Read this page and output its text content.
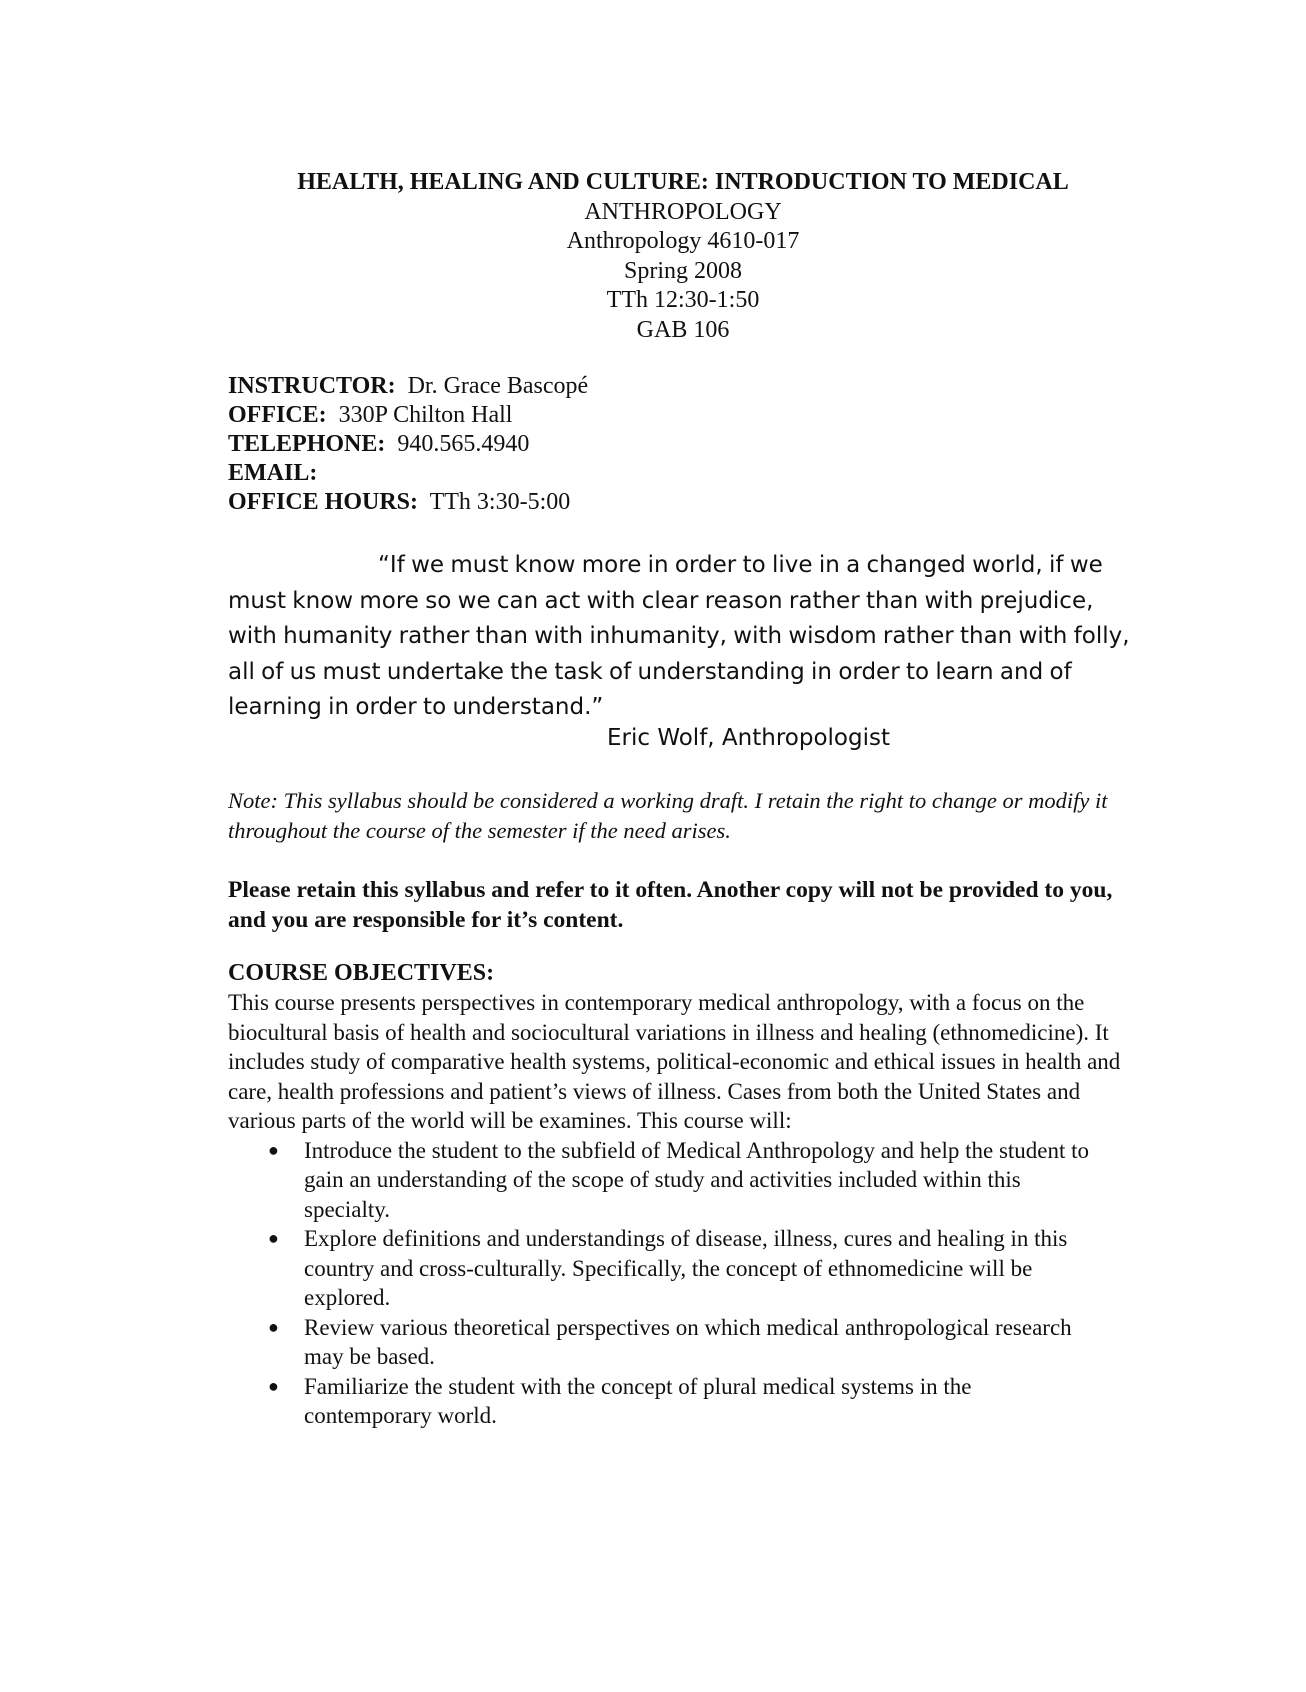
HEALTH, HEALING AND CULTURE: INTRODUCTION TO MEDICAL
ANTHROPOLOGY
Anthropology 4610-017
Spring 2008
TTh 12:30-1:50
GAB 106
INSTRUCTOR: Dr. Grace Bascopé
OFFICE: 330P Chilton Hall
TELEPHONE: 940.565.4940
EMAIL:
OFFICE HOURS: TTh 3:30-5:00
“If we must know more in order to live in a changed world, if we must know more so we can act with clear reason rather than with prejudice, with humanity rather than with inhumanity, with wisdom rather than with folly, all of us must undertake the task of understanding in order to learn and of learning in order to understand.”
Eric Wolf, Anthropologist
Note: This syllabus should be considered a working draft. I retain the right to change or modify it throughout the course of the semester if the need arises.
Please retain this syllabus and refer to it often. Another copy will not be provided to you, and you are responsible for it’s content.
COURSE OBJECTIVES:
This course presents perspectives in contemporary medical anthropology, with a focus on the biocultural basis of health and sociocultural variations in illness and healing (ethnomedicine). It includes study of comparative health systems, political-economic and ethical issues in health and care, health professions and patient’s views of illness. Cases from both the United States and various parts of the world will be examines. This course will:
● Introduce the student to the subfield of Medical Anthropology and help the student to gain an understanding of the scope of study and activities included within this specialty.
● Explore definitions and understandings of disease, illness, cures and healing in this country and cross-culturally. Specifically, the concept of ethnomedicine will be explored.
● Review various theoretical perspectives on which medical anthropological research may be based.
● Familiarize the student with the concept of plural medical systems in the contemporary world.
